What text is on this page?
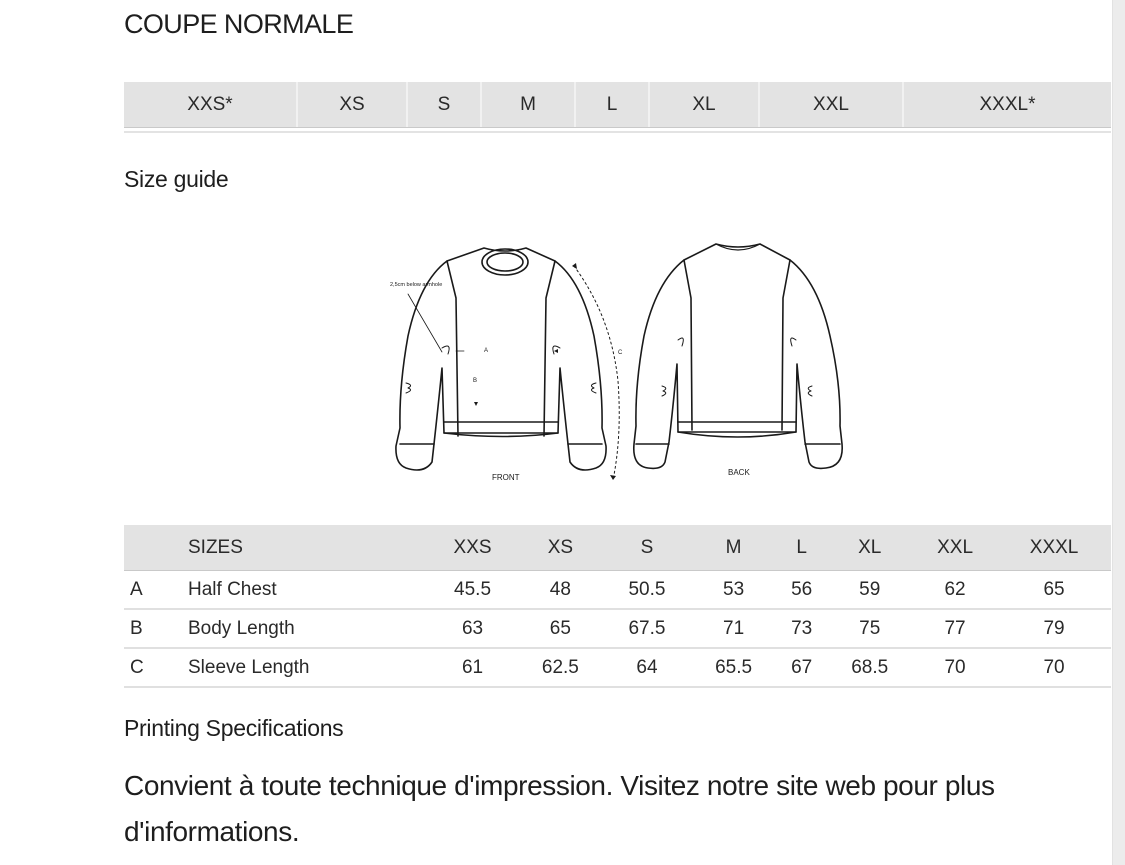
COUPE NORMALE
XXS*	XS	S	M	L	XL	XXL	XXXL*
Size guide
2,5cm below armhole
A
B
C
FRONT
BACK
	SIZES	XXS	XS	S	M	L	XL	XXL	XXXL
A	Half Chest	45.5	48	50.5	53	56	59	62	65
B	Body Length	63	65	67.5	71	73	75	77	79
C	Sleeve Length	61	62.5	64	65.5	67	68.5	70	70
Printing Specifications

Convient à toute technique d'impression. Visitez notre site web pour plus d'informations.
